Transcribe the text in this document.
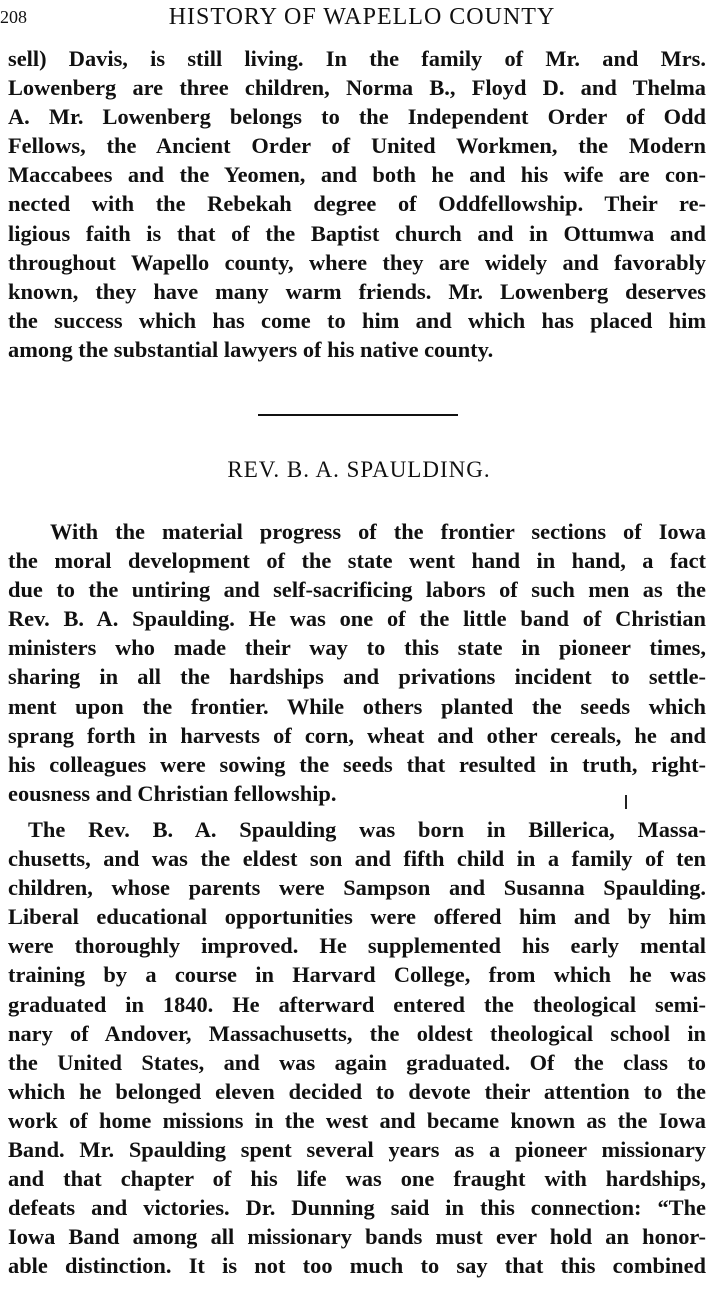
208	HISTORY OF WAPELLO COUNTY

sell) Davis, is still living. In the family of Mr. and Mrs.
Lowenberg are three children, Norma B., Floyd D. and Thelma
A. Mr. Lowenberg belongs to the Independent Order of Odd
Fellows, the Ancient Order of United Workmen, the Modern
Maccabees and the Yeomen, and both he and his wife are con-
nected with the Rebekah degree of Oddfellowship. Their re-
ligious faith is that of the Baptist church and in Ottumwa and
throughout Wapello county, where they are widely and favorably
known, they have many warm friends. Mr. Lowenberg deserves
the success which has come to him and which has placed him
among the substantial lawyers of his native county.

REV. B. A. SPAULDING.

With the material progress of the frontier sections of Iowa
the moral development of the state went hand in hand, a fact
due to the untiring and self-sacrificing labors of such men as the
Rev. B. A. Spaulding. He was one of the little band of Christian
ministers who made their way to this state in pioneer times,
sharing in all the hardships and privations incident to settle-
ment upon the frontier. While others planted the seeds which
sprang forth in harvests of corn, wheat and other cereals, he and
his colleagues were sowing the seeds that resulted in truth, right-
eousness and Christian fellowship.

The Rev. B. A. Spaulding was born in Billerica, Massa-
chusetts, and was the eldest son and fifth child in a family of ten
children, whose parents were Sampson and Susanna Spaulding.
Liberal educational opportunities were offered him and by him
were thoroughly improved. He supplemented his early mental
training by a course in Harvard College, from which he was
graduated in 1840. He afterward entered the theological semi-
nary of Andover, Massachusetts, the oldest theological school in
the United States, and was again graduated. Of the class to
which he belonged eleven decided to devote their attention to the
work of home missions in the west and became known as the Iowa
Band. Mr. Spaulding spent several years as a pioneer missionary
and that chapter of his life was one fraught with hardships,
defeats and victories. Dr. Dunning said in this connection: “The
Iowa Band among all missionary bands must ever hold an honor-
able distinction. It is not too much to say that this combined
